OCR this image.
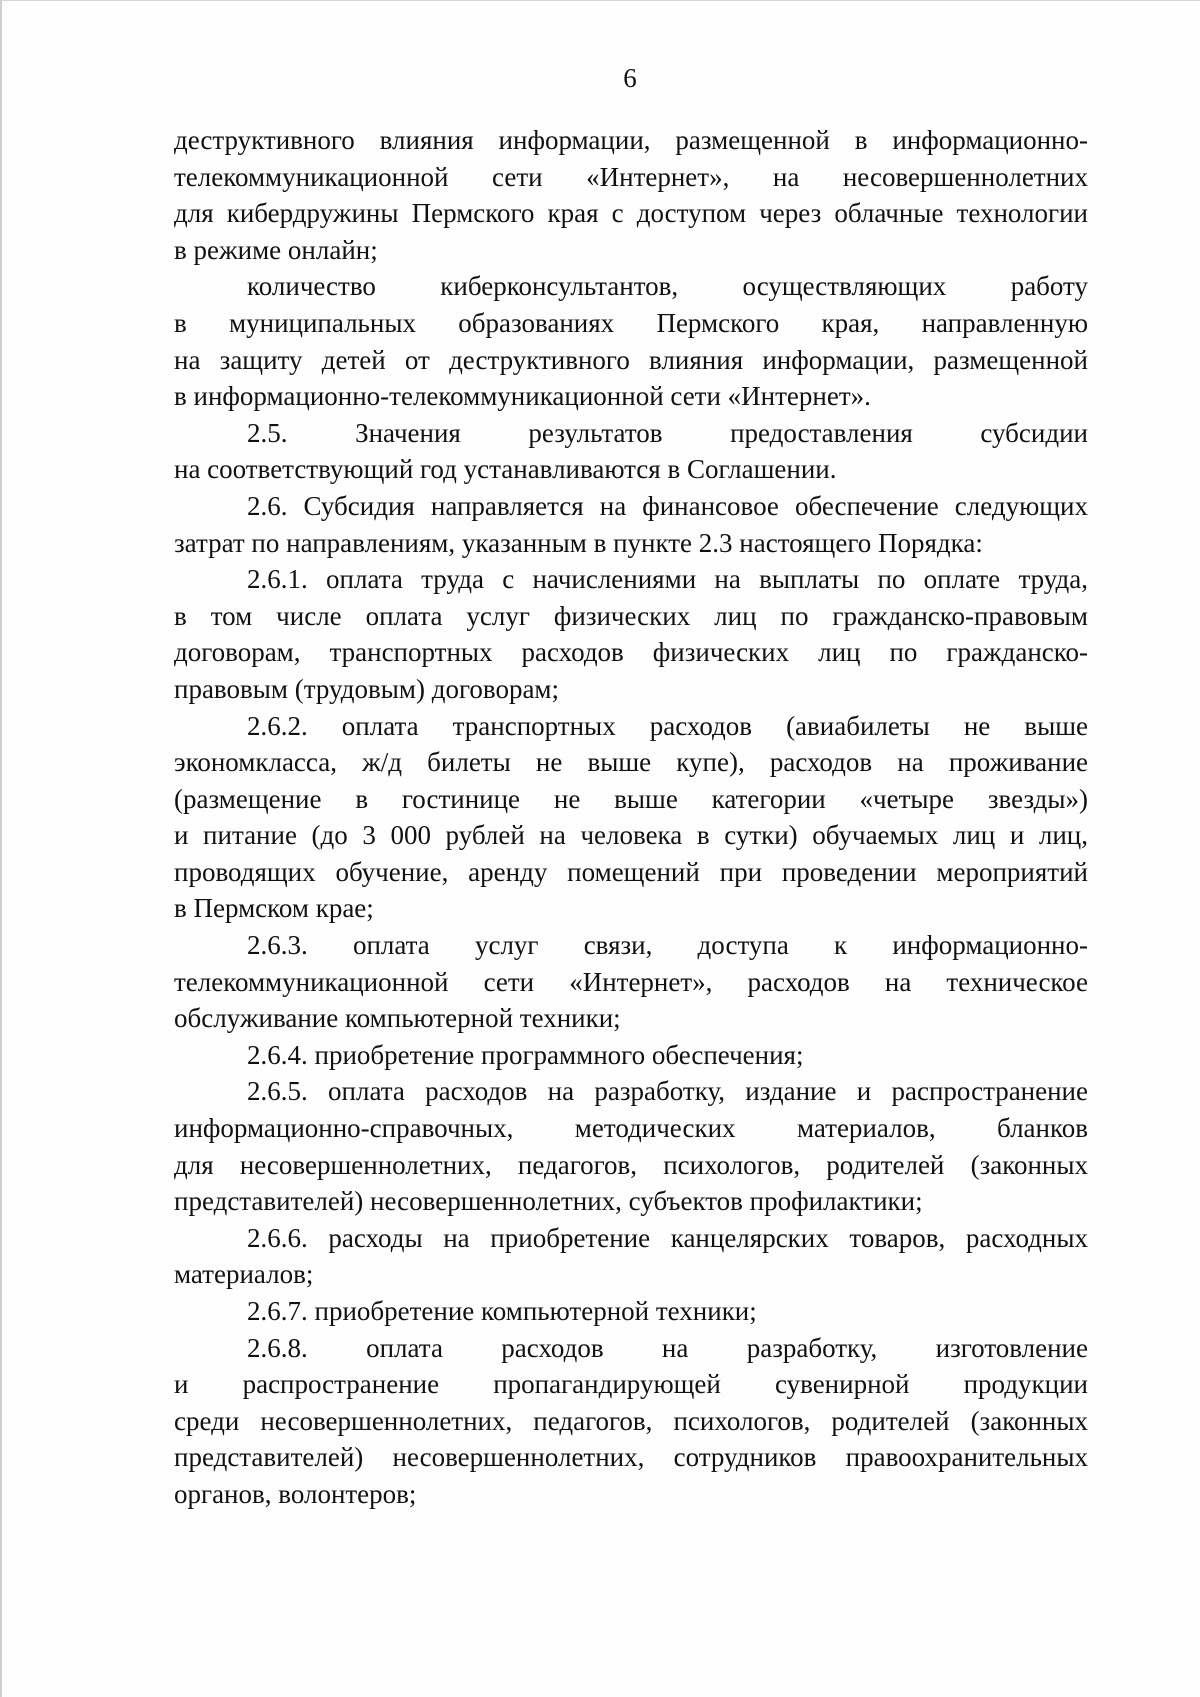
6
деструктивного влияния информации, размещенной в информационно-
телекоммуникационной сети «Интернет», на несовершеннолетних
для кибердружины Пермского края с доступом через облачные технологии
в режиме онлайн;
количество киберконсультантов, осуществляющих работу
в муниципальных образованиях Пермского края, направленную
на защиту детей от деструктивного влияния информации, размещенной
в информационно-телекоммуникационной сети «Интернет».
2.5. Значения результатов предоставления субсидии
на соответствующий год устанавливаются в Соглашении.
2.6. Субсидия направляется на финансовое обеспечение следующих
затрат по направлениям, указанным в пункте 2.3 настоящего Порядка:
2.6.1. оплата труда с начислениями на выплаты по оплате труда,
в том числе оплата услуг физических лиц по гражданско-правовым
договорам, транспортных расходов физических лиц по гражданско-
правовым (трудовым) договорам;
2.6.2. оплата транспортных расходов (авиабилеты не выше
экономкласса, ж/д билеты не выше купе), расходов на проживание
(размещение в гостинице не выше категории «четыре звезды»)
и питание (до 3 000 рублей на человека в сутки) обучаемых лиц и лиц,
проводящих обучение, аренду помещений при проведении мероприятий
в Пермском крае;
2.6.3. оплата услуг связи, доступа к информационно-
телекоммуникационной сети «Интернет», расходов на техническое
обслуживание компьютерной техники;
2.6.4. приобретение программного обеспечения;
2.6.5. оплата расходов на разработку, издание и распространение
информационно-справочных, методических материалов, бланков
для несовершеннолетних, педагогов, психологов, родителей (законных
представителей) несовершеннолетних, субъектов профилактики;
2.6.6. расходы на приобретение канцелярских товаров, расходных
материалов;
2.6.7. приобретение компьютерной техники;
2.6.8. оплата расходов на разработку, изготовление
и распространение пропагандирующей сувенирной продукции
среди несовершеннолетних, педагогов, психологов, родителей (законных
представителей) несовершеннолетних, сотрудников правоохранительных
органов, волонтеров;
